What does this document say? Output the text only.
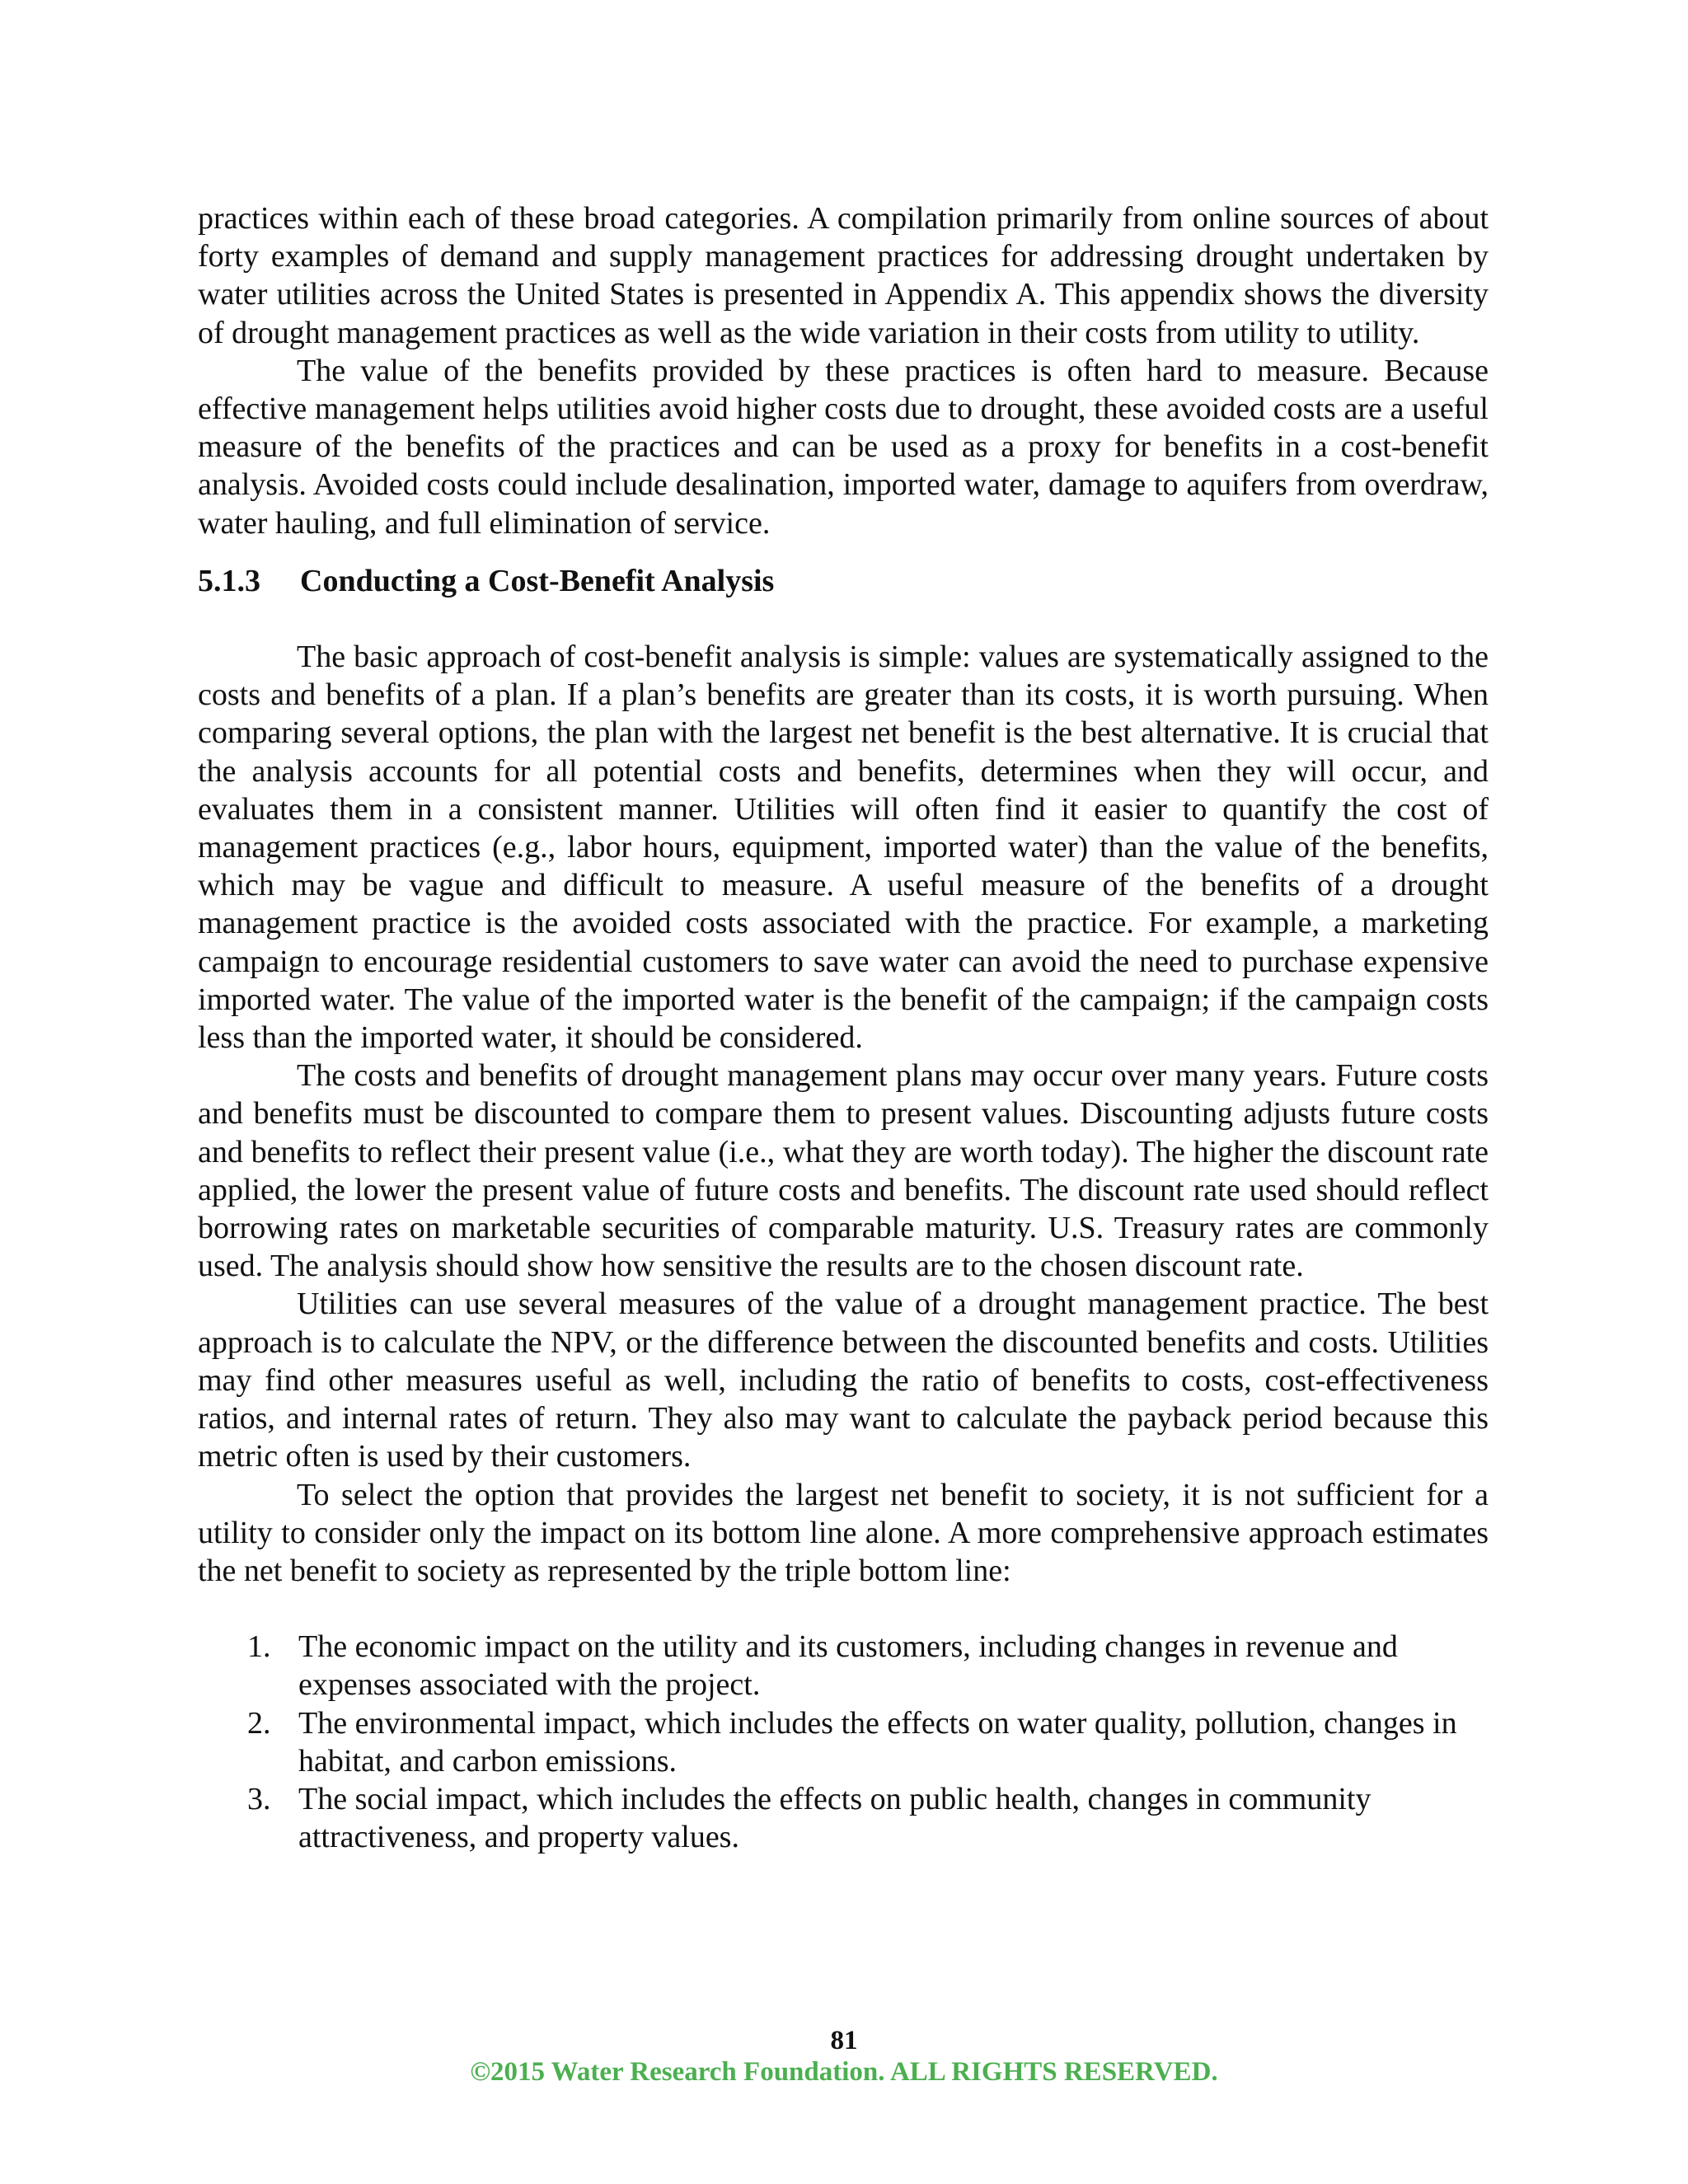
practices within each of these broad categories. A compilation primarily from online sources of about forty examples of demand and supply management practices for addressing drought undertaken by water utilities across the United States is presented in Appendix A. This appendix shows the diversity of drought management practices as well as the wide variation in their costs from utility to utility.

The value of the benefits provided by these practices is often hard to measure. Because effective management helps utilities avoid higher costs due to drought, these avoided costs are a useful measure of the benefits of the practices and can be used as a proxy for benefits in a cost-benefit analysis. Avoided costs could include desalination, imported water, damage to aquifers from overdraw, water hauling, and full elimination of service.

5.1.3	Conducting a Cost-Benefit Analysis

The basic approach of cost-benefit analysis is simple: values are systematically assigned to the costs and benefits of a plan. If a plan’s benefits are greater than its costs, it is worth pursuing. When comparing several options, the plan with the largest net benefit is the best alternative. It is crucial that the analysis accounts for all potential costs and benefits, determines when they will occur, and evaluates them in a consistent manner. Utilities will often find it easier to quantify the cost of management practices (e.g., labor hours, equipment, imported water) than the value of the benefits, which may be vague and difficult to measure. A useful measure of the benefits of a drought management practice is the avoided costs associated with the practice. For example, a marketing campaign to encourage residential customers to save water can avoid the need to purchase expensive imported water. The value of the imported water is the benefit of the campaign; if the campaign costs less than the imported water, it should be considered.

The costs and benefits of drought management plans may occur over many years. Future costs and benefits must be discounted to compare them to present values. Discounting adjusts future costs and benefits to reflect their present value (i.e., what they are worth today). The higher the discount rate applied, the lower the present value of future costs and benefits. The discount rate used should reflect borrowing rates on marketable securities of comparable maturity. U.S. Treasury rates are commonly used. The analysis should show how sensitive the results are to the chosen discount rate.

Utilities can use several measures of the value of a drought management practice. The best approach is to calculate the NPV, or the difference between the discounted benefits and costs. Utilities may find other measures useful as well, including the ratio of benefits to costs, cost-effectiveness ratios, and internal rates of return. They also may want to calculate the payback period because this metric often is used by their customers.

To select the option that provides the largest net benefit to society, it is not sufficient for a utility to consider only the impact on its bottom line alone. A more comprehensive approach estimates the net benefit to society as represented by the triple bottom line:

1. The economic impact on the utility and its customers, including changes in revenue and expenses associated with the project.
2. The environmental impact, which includes the effects on water quality, pollution, changes in habitat, and carbon emissions.
3. The social impact, which includes the effects on public health, changes in community attractiveness, and property values.
81
©2015 Water Research Foundation. ALL RIGHTS RESERVED.
